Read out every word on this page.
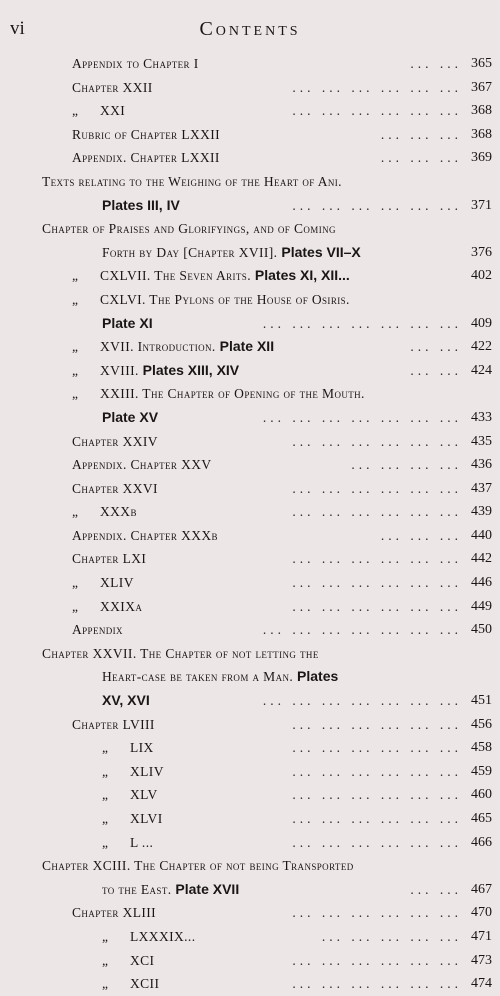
vi	Contents
Appendix to Chapter I	... ... 365
Chapter XXII	... ... ... ... ... ... 367
„ XXI	... ... ... ... ... ... 368
Rubric of Chapter LXXII	... ... ... 368
Appendix. Chapter LXXII	... ... ... 369
Texts relating to the Weighing of the Heart of Ani.
Plates III, IV	... ... ... ... ... ... 371
Chapter of Praises and Glorifyings, and of Coming
Forth by Day [Chapter XVII]. Plates VII–X	376
„ CXLVII. The Seven Arits. Plates XI, XII...	402
„ CXLVI. The Pylons of the House of Osiris.
Plate XI	... ... ... ... ... ... ... 409
„ XVII. Introduction. Plate XII	... ... 422
„ XVIII. Plates XIII, XIV	... ... 424
„ XXIII. The Chapter of Opening of the Mouth.
Plate XV	... ... ... ... ... ... ... 433
Chapter XXIV	... ... ... ... ... ... 435
Appendix. Chapter XXV	... ... ... ... 436
Chapter XXVI	... ... ... ... ... ... 437
„ XXXb	... ... ... ... ... ... 439
Appendix. Chapter XXXb	... ... ... 440
Chapter LXI	... ... ... ... ... ... 442
„ XLIV	... ... ... ... ... ... 446
„ XXIXa	... ... ... ... ... ... 449
Appendix	... ... ... ... ... ... ... 450
Chapter XXVII. The Chapter of not letting the
Heart-case be taken from a Man. Plates
XV, XVI	... ... ... ... ... ... ... 451
Chapter LVIII	... ... ... ... ... ... 456
„ LIX	... ... ... ... ... ... 458
„ XLIV	... ... ... ... ... ... 459
„ XLV	... ... ... ... ... ... 460
„ XLVI	... ... ... ... ... ... 465
„ L ...	... ... ... ... ... ... 466
Chapter XCIII. The Chapter of not being Transported
to the East. Plate XVII	... ... 467
Chapter XLIII	... ... ... ... ... ... 470
„ LXXXIX...	... ... ... ... ... 471
„ XCI	... ... ... ... ... ... 473
„ XCII	... ... ... ... ... ... 474
